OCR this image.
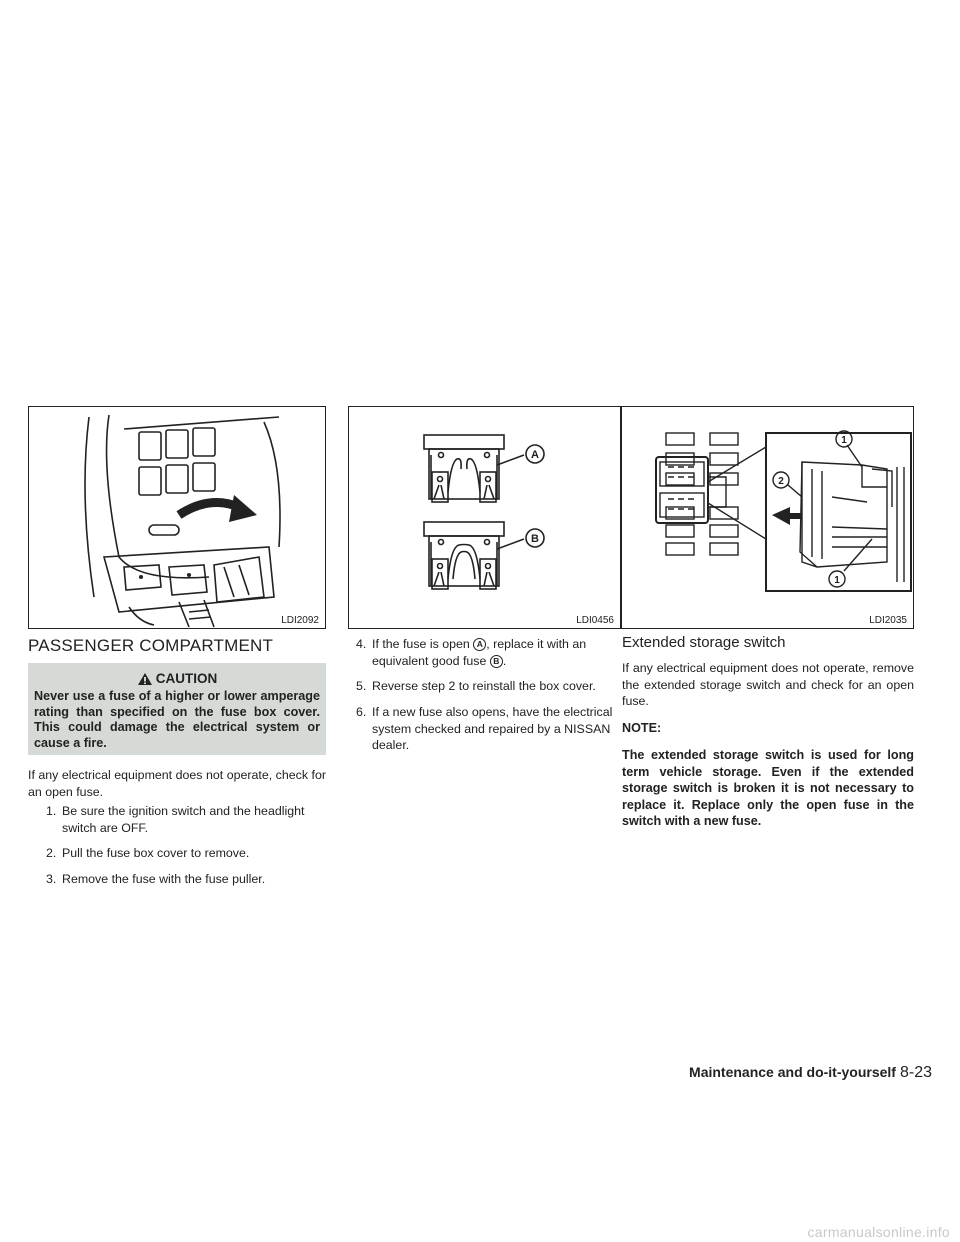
LDI2092
A
B
LDI0456
1
1
2
LDI2035
PASSENGER COMPARTMENT
CAUTION
Never use a fuse of a higher or lower amperage rating than specified on the fuse box cover. This could damage the electrical system or cause a fire.

If any electrical equipment does not operate, check for an open fuse.

1. Be sure the ignition switch and the headlight switch are OFF.
2. Pull the fuse box cover to remove.
3. Remove the fuse with the fuse puller.
4. If the fuse is open A , replace it with an equivalent good fuse B .
5. Reverse step 2 to reinstall the box cover.
6. If a new fuse also opens, have the electrical system checked and repaired by a NISSAN dealer.
Extended storage switch

If any electrical equipment does not operate, remove the extended storage switch and check for an open fuse.

NOTE:

The extended storage switch is used for long term vehicle storage. Even if the extended storage switch is broken it is not necessary to replace it. Replace only the open fuse in the switch with a new fuse.

Maintenance and do-it-yourself 8-23
carmanualsonline.info
